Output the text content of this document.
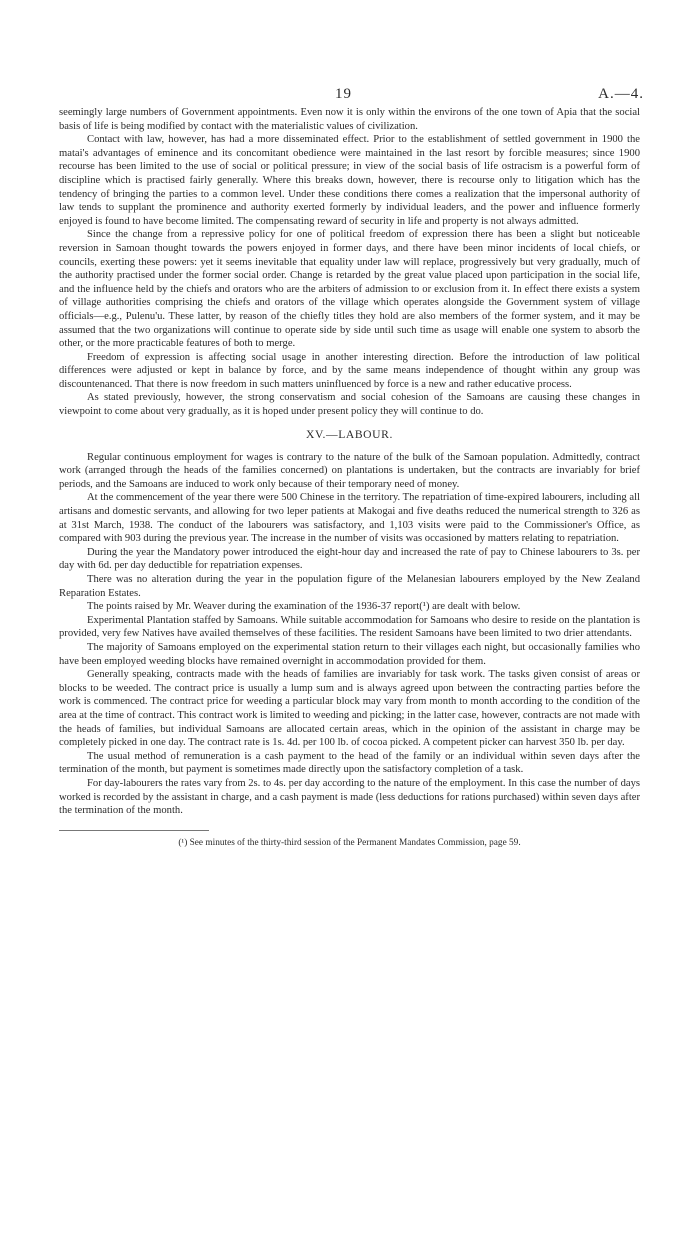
19	A.—4.

seemingly large numbers of Government appointments. Even now it is only within the environs of the one town of Apia that the social basis of life is being modified by contact with the materialistic values of civilization.

Contact with law, however, has had a more disseminated effect. Prior to the establishment of settled government in 1900 the matai's advantages of eminence and its concomitant obedience were maintained in the last resort by forcible measures; since 1900 recourse has been limited to the use of social or political pressure; in view of the social basis of life ostracism is a powerful form of discipline which is practised fairly generally. Where this breaks down, however, there is recourse only to litigation which has the tendency of bringing the parties to a common level. Under these conditions there comes a realization that the impersonal authority of law tends to supplant the prominence and authority exerted formerly by individual leaders, and the power and influence formerly enjoyed is found to have become limited. The compensating reward of security in life and property is not always admitted.

Since the change from a repressive policy for one of political freedom of expression there has been a slight but noticeable reversion in Samoan thought towards the powers enjoyed in former days, and there have been minor incidents of local chiefs, or councils, exerting these powers: yet it seems inevitable that equality under law will replace, progressively but very gradually, much of the authority practised under the former social order. Change is retarded by the great value placed upon participation in the social life, and the influence held by the chiefs and orators who are the arbiters of admission to or exclusion from it. In effect there exists a system of village authorities comprising the chiefs and orators of the village which operates alongside the Government system of village officials—e.g., Pulenu'u. These latter, by reason of the chiefly titles they hold are also members of the former system, and it may be assumed that the two organizations will continue to operate side by side until such time as usage will enable one system to absorb the other, or the more practicable features of both to merge.

Freedom of expression is affecting social usage in another interesting direction. Before the introduction of law political differences were adjusted or kept in balance by force, and by the same means independence of thought within any group was discountenanced. That there is now freedom in such matters uninfluenced by force is a new and rather educative process.

As stated previously, however, the strong conservatism and social cohesion of the Samoans are causing these changes in viewpoint to come about very gradually, as it is hoped under present policy they will continue to do.

XV.—LABOUR.

Regular continuous employment for wages is contrary to the nature of the bulk of the Samoan population. Admittedly, contract work (arranged through the heads of the families concerned) on plantations is undertaken, but the contracts are invariably for brief periods, and the Samoans are induced to work only because of their temporary need of money.

At the commencement of the year there were 500 Chinese in the territory. The repatriation of time-expired labourers, including all artisans and domestic servants, and allowing for two leper patients at Makogai and five deaths reduced the numerical strength to 326 as at 31st March, 1938. The conduct of the labourers was satisfactory, and 1,103 visits were paid to the Commissioner's Office, as compared with 903 during the previous year. The increase in the number of visits was occasioned by matters relating to repatriation.

During the year the Mandatory power introduced the eight-hour day and increased the rate of pay to Chinese labourers to 3s. per day with 6d. per day deductible for repatriation expenses.

There was no alteration during the year in the population figure of the Melanesian labourers employed by the New Zealand Reparation Estates.

The points raised by Mr. Weaver during the examination of the 1936-37 report(¹) are dealt with below.

Experimental Plantation staffed by Samoans. While suitable accommodation for Samoans who desire to reside on the plantation is provided, very few Natives have availed themselves of these facilities. The resident Samoans have been limited to two drier attendants.

The majority of Samoans employed on the experimental station return to their villages each night, but occasionally families who have been employed weeding blocks have remained overnight in accommodation provided for them.

Generally speaking, contracts made with the heads of families are invariably for task work. The tasks given consist of areas or blocks to be weeded. The contract price is usually a lump sum and is always agreed upon between the contracting parties before the work is commenced. The contract price for weeding a particular block may vary from month to month according to the condition of the area at the time of contract. This contract work is limited to weeding and picking; in the latter case, however, contracts are not made with the heads of families, but individual Samoans are allocated certain areas, which in the opinion of the assistant in charge may be completely picked in one day. The contract rate is 1s. 4d. per 100 lb. of cocoa picked. A competent picker can harvest 350 lb. per day.

The usual method of remuneration is a cash payment to the head of the family or an individual within seven days after the termination of the month, but payment is sometimes made directly upon the satisfactory completion of a task.

For day-labourers the rates vary from 2s. to 4s. per day according to the nature of the employment. In this case the number of days worked is recorded by the assistant in charge, and a cash payment is made (less deductions for rations purchased) within seven days after the termination of the month.

(¹) See minutes of the thirty-third session of the Permanent Mandates Commission, page 59.
